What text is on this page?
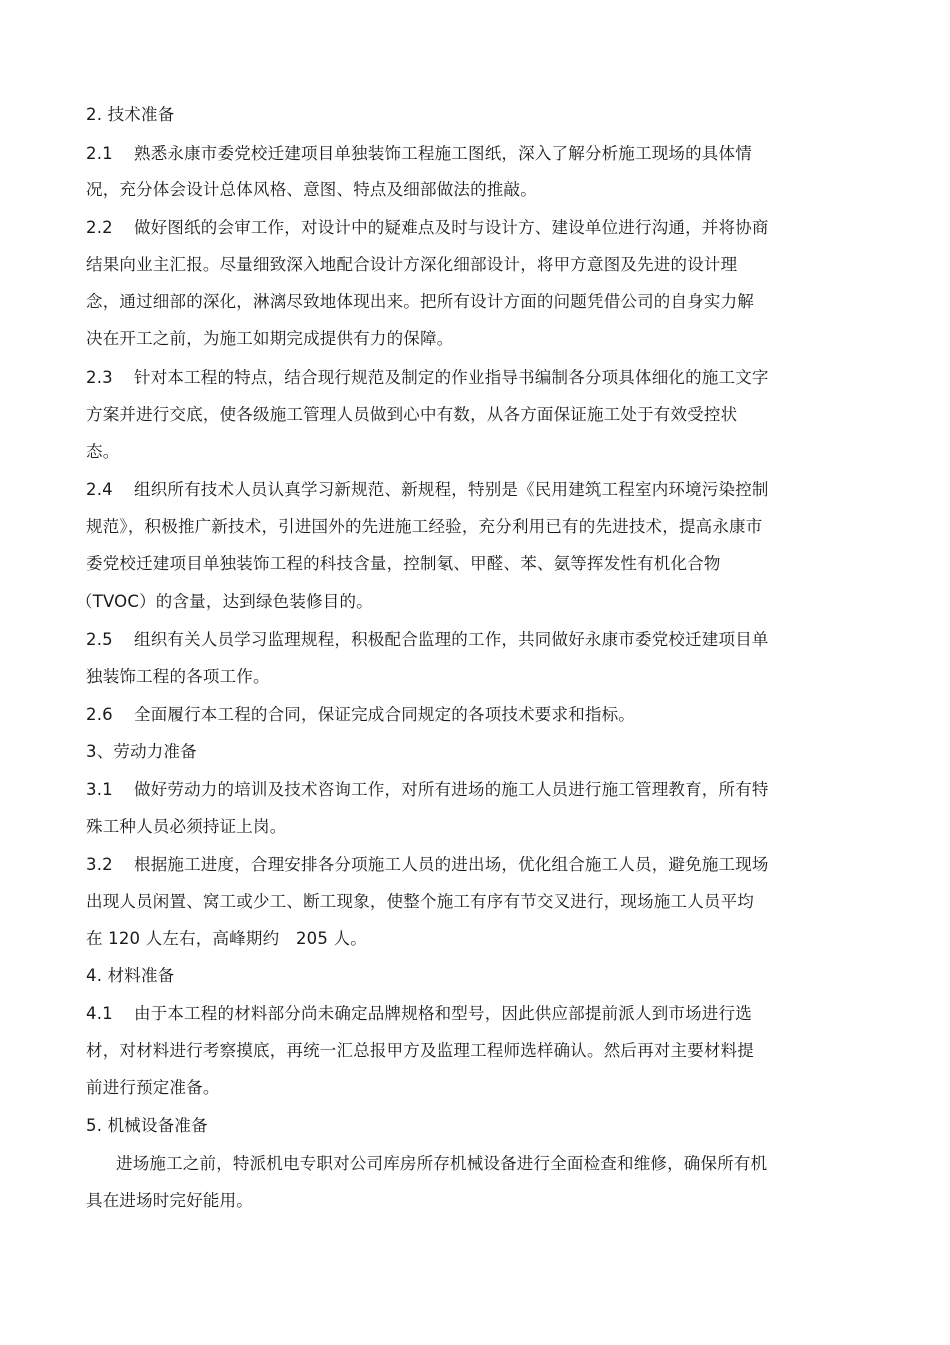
2. 技术准备
2.1 熟悉永康市委党校迁建项目单独装饰工程施工图纸，深入了解分析施工现场的具体情
况，充分体会设计总体风格、意图、特点及细部做法的推敲。
2.2 做好图纸的会审工作，对设计中的疑难点及时与设计方、建设单位进行沟通，并将协商
结果向业主汇报。尽量细致深入地配合设计方深化细部设计，将甲方意图及先进的设计理
念，通过细部的深化，淋漓尽致地体现出来。把所有设计方面的问题凭借公司的自身实力解
决在开工之前，为施工如期完成提供有力的保障。
2.3 针对本工程的特点，结合现行规范及制定的作业指导书编制各分项具体细化的施工文字
方案并进行交底，使各级施工管理人员做到心中有数，从各方面保证施工处于有效受控状
态。
2.4 组织所有技术人员认真学习新规范、新规程，特别是《民用建筑工程室内环境污染控制
规范》，积极推广新技术，引进国外的先进施工经验，充分利用已有的先进技术，提高永康市
委党校迁建项目单独装饰工程的科技含量，控制氡、甲醛、苯、氨等挥发性有机化合物
（TVOC）的含量，达到绿色装修目的。
2.5 组织有关人员学习监理规程，积极配合监理的工作，共同做好永康市委党校迁建项目单
独装饰工程的各项工作。
2.6 全面履行本工程的合同，保证完成合同规定的各项技术要求和指标。
3、劳动力准备
3.1 做好劳动力的培训及技术咨询工作，对所有进场的施工人员进行施工管理教育，所有特
殊工种人员必须持证上岗。
3.2 根据施工进度，合理安排各分项施工人员的进出场，优化组合施工人员，避免施工现场
出现人员闲置、窝工或少工、断工现象，使整个施工有序有节交叉进行，现场施工人员平均
在 120 人左右，高峰期约　205 人。
4. 材料准备
4.1 由于本工程的材料部分尚未确定品牌规格和型号，因此供应部提前派人到市场进行选
材，对材料进行考察摸底，再统一汇总报甲方及监理工程师选样确认。然后再对主要材料提
前进行预定准备。
5. 机械设备准备
进场施工之前，特派机电专职对公司库房所存机械设备进行全面检查和维修，确保所有机
具在进场时完好能用。
